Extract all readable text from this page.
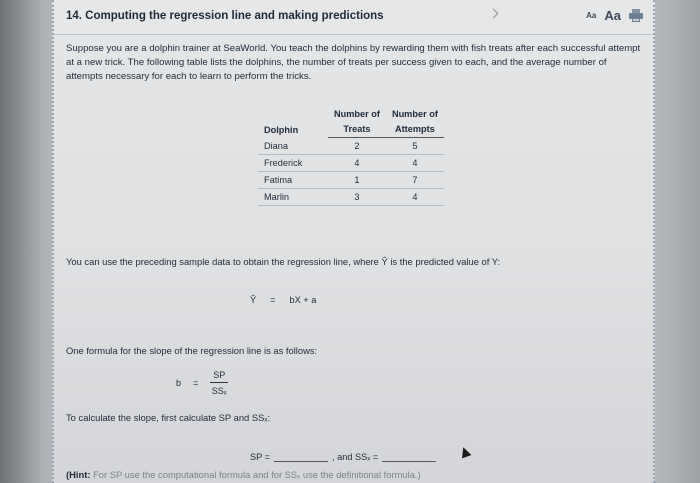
14. Computing the regression line and making predictions	Aa Aa
Suppose you are a dolphin trainer at SeaWorld. You teach the dolphins by rewarding them with fish treats after each successful attempt at a new trick. The following table lists the dolphins, the number of treats per success given to each, and the average number of attempts necessary for each to learn to perform the tricks.
Dolphin	Number of	Number of
	Treats	Attempts
Diana	2	5
Frederick	4	4
Fatima	1	7
Marlin	3	4
You can use the preceding sample data to obtain the regression line, where Ŷ is the predicted value of Y:
Ŷ = bX + a
One formula for the slope of the regression line is as follows:
$b = \frac{SP}{\text{SSₓ}}$
To calculate the slope, first calculate SP and SSₓ:
SP =	, and SSₓ =
(Hint: For SP use the computational formula and for SSₓ use the definitional formula.)
